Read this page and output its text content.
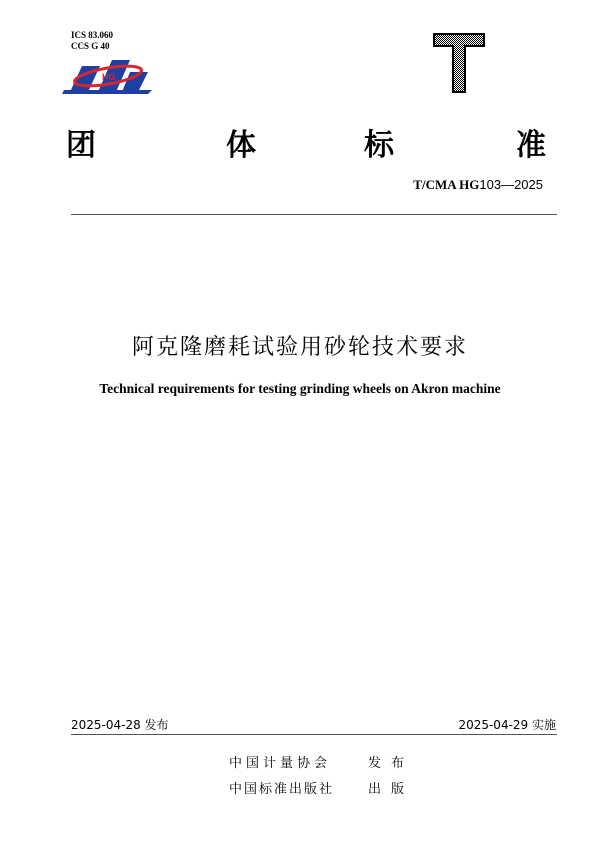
ICS 83.060
CCS G 40
HG
团	体	标	准
T/CMA HG103—2025
阿克隆磨耗试验用砂轮技术要求
Technical requirements for testing grinding wheels on Akron machine
2025-04-28 发布	2025-04-29 实施
中国计量协会	发布
中国标准出版社	出版
